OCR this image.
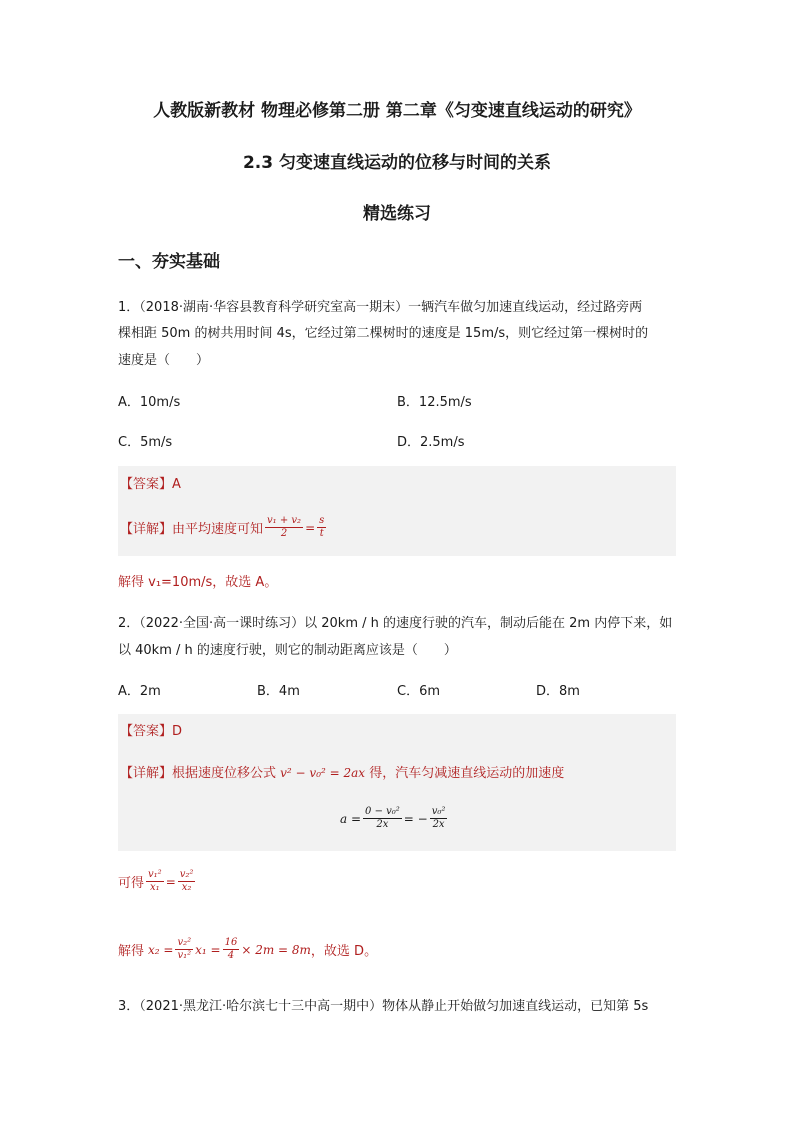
人教版新教材 物理必修第二册 第二章《匀变速直线运动的研究》
2.3 匀变速直线运动的位移与时间的关系
精选练习
一、夯实基础
1．（2018·湖南·华容县教育科学研究室高一期末）一辆汽车做匀加速直线运动，经过路旁两
棵相距 50m 的树共用时间 4s，它经过第二棵树时的速度是 15m/s，则它经过第一棵树时的
速度是（　　）
A．10m/s	B．12.5m/s
C．5m/s	D．2.5m/s
【答案】A
【详解】由平均速度可知 $\frac{\text{v₁ + v₂}}{2} = \frac{s}{t}$
解得 v₁=10m/s，故选 A。
2．（2022·全国·高一课时练习）以 20km / h 的速度行驶的汽车，制动后能在 2m 内停下来，如
以 40km / h 的速度行驶，则它的制动距离应该是（　　）
A．2m	B．4m	C．6m	D．8m
【答案】D
【详解】根据速度位移公式 v² − v₀² = 2ax 得，汽车匀减速直线运动的加速度
$a = \frac{\text{0 − v₀²}}{2x}$ = − $\frac{\text{v₀²}}{2x}$
可得 $\frac{\text{v₁²}}{\text{x₁}} = \frac{\text{v₂²}}{\text{x₂}}$
解得 $x_2 = \frac{\text{v₂²}}{\text{v₁²}} x_1 = \frac{16}{4} \times 2m = 8m$ ，故选 D。
3．（2021·黑龙江·哈尔滨七十三中高一期中）物体从静止开始做匀加速直线运动，已知第 5s
